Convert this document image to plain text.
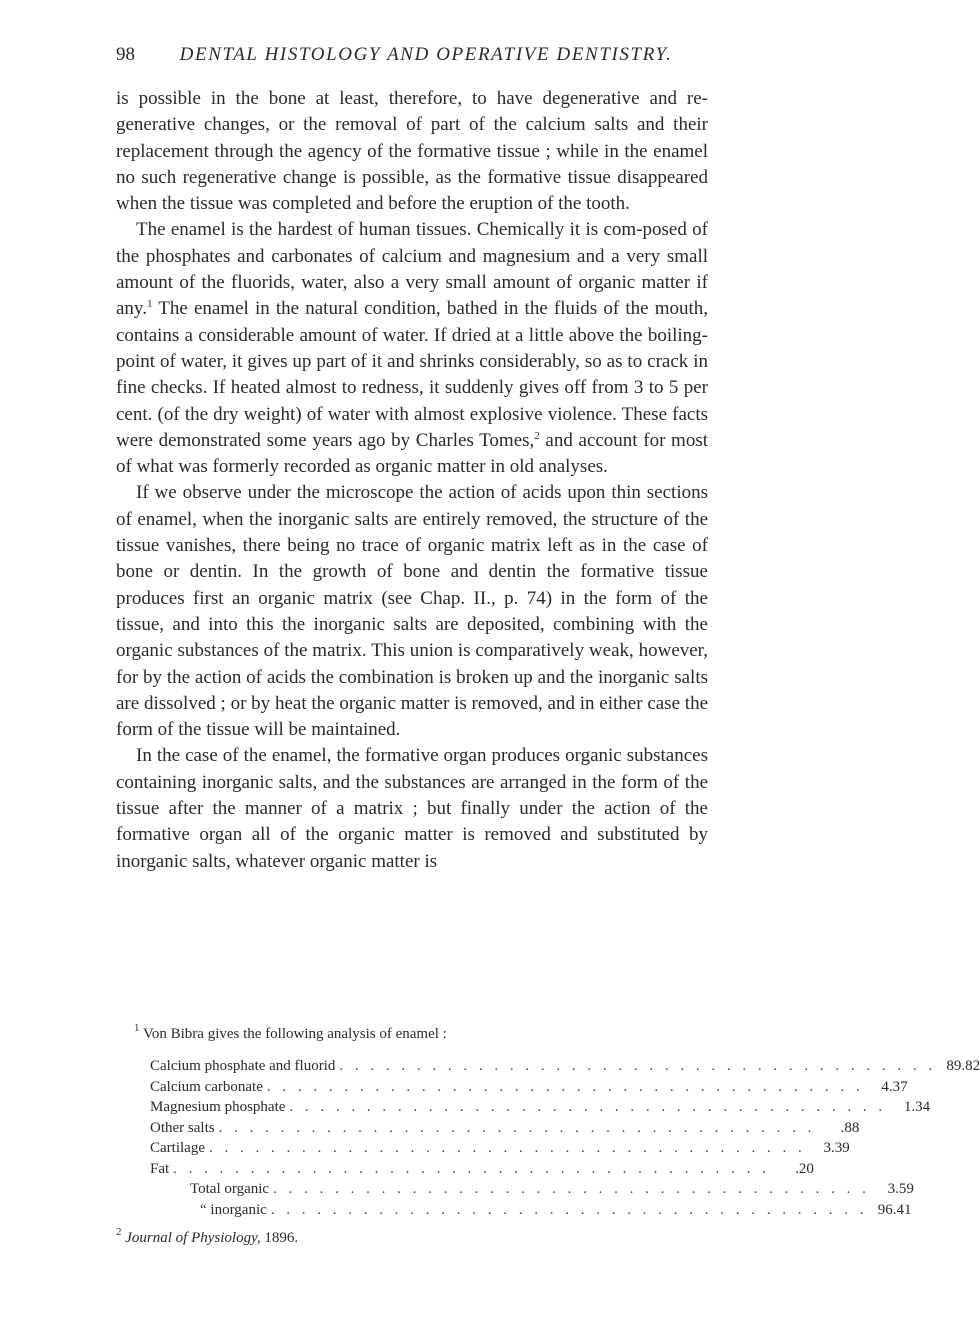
98	DENTAL HISTOLOGY AND OPERATIVE DENTISTRY.

is possible in the bone at least, therefore, to have degenerative and re-generative changes, or the removal of part of the calcium salts and their replacement through the agency of the formative tissue ; while in the enamel no such regenerative change is possible, as the formative tissue disappeared when the tissue was completed and before the eruption of the tooth.

The enamel is the hardest of human tissues. Chemically it is com-posed of the phosphates and carbonates of calcium and magnesium and a very small amount of the fluorids, water, also a very small amount of organic matter if any.$^1$ The enamel in the natural condition, bathed in the fluids of the mouth, contains a considerable amount of water. If dried at a little above the boiling-point of water, it gives up part of it and shrinks considerably, so as to crack in fine checks. If heated almost to redness, it suddenly gives off from 3 to 5 per cent. (of the dry weight) of water with almost explosive violence. These facts were demonstrated some years ago by Charles Tomes,$^2$ and account for most of what was formerly recorded as organic matter in old analyses.

If we observe under the microscope the action of acids upon thin sections of enamel, when the inorganic salts are entirely removed, the structure of the tissue vanishes, there being no trace of organic matrix left as in the case of bone or dentin. In the growth of bone and dentin the formative tissue produces first an organic matrix (see Chap. II., p. 74) in the form of the tissue, and into this the inorganic salts are deposited, combining with the organic substances of the matrix. This union is comparatively weak, however, for by the action of acids the combination is broken up and the inorganic salts are dissolved ; or by heat the organic matter is removed, and in either case the form of the tissue will be maintained.

In the case of the enamel, the formative organ produces organic substances containing inorganic salts, and the substances are arranged in the form of the tissue after the manner of a matrix ; but finally under the action of the formative organ all of the organic matter is removed and substituted by inorganic salts, whatever organic matter is

$^1$ Von Bibra gives the following analysis of enamel :

Calcium phosphate and fluorid . . . . . . . . . . . . . . . . . . . . . . . . . . . . . . . . . . . . . . . 89.82
Calcium carbonate . . . . . . . . . . . . . . . . . . . . . . . . . . . . . . . . . . . . . . .	4.37
Magnesium phosphate . . . . . . . . . . . . . . . . . . . . . . . . . . . . . . . . . . . . . . .	1.34
Other salts . . . . . . . . . . . . . . . . . . . . . . . . . . . . . . . . . . . . . . .	.88
Cartilage . . . . . . . . . . . . . . . . . . . . . . . . . . . . . . . . . . . . . . .	3.39
Fat . . . . . . . . . . . . . . . . . . . . . . . . . . . . . . . . . . . . . . .	.20
Total organic . . . . . . . . . . . . . . . . . . . . . . . . . . . . . . . . . . . . . . .	3.59
“ inorganic . . . . . . . . . . . . . . . . . . . . . . . . . . . . . . . . . . . . . . . 96.41

$^2$ Journal of Physiology, 1896.
